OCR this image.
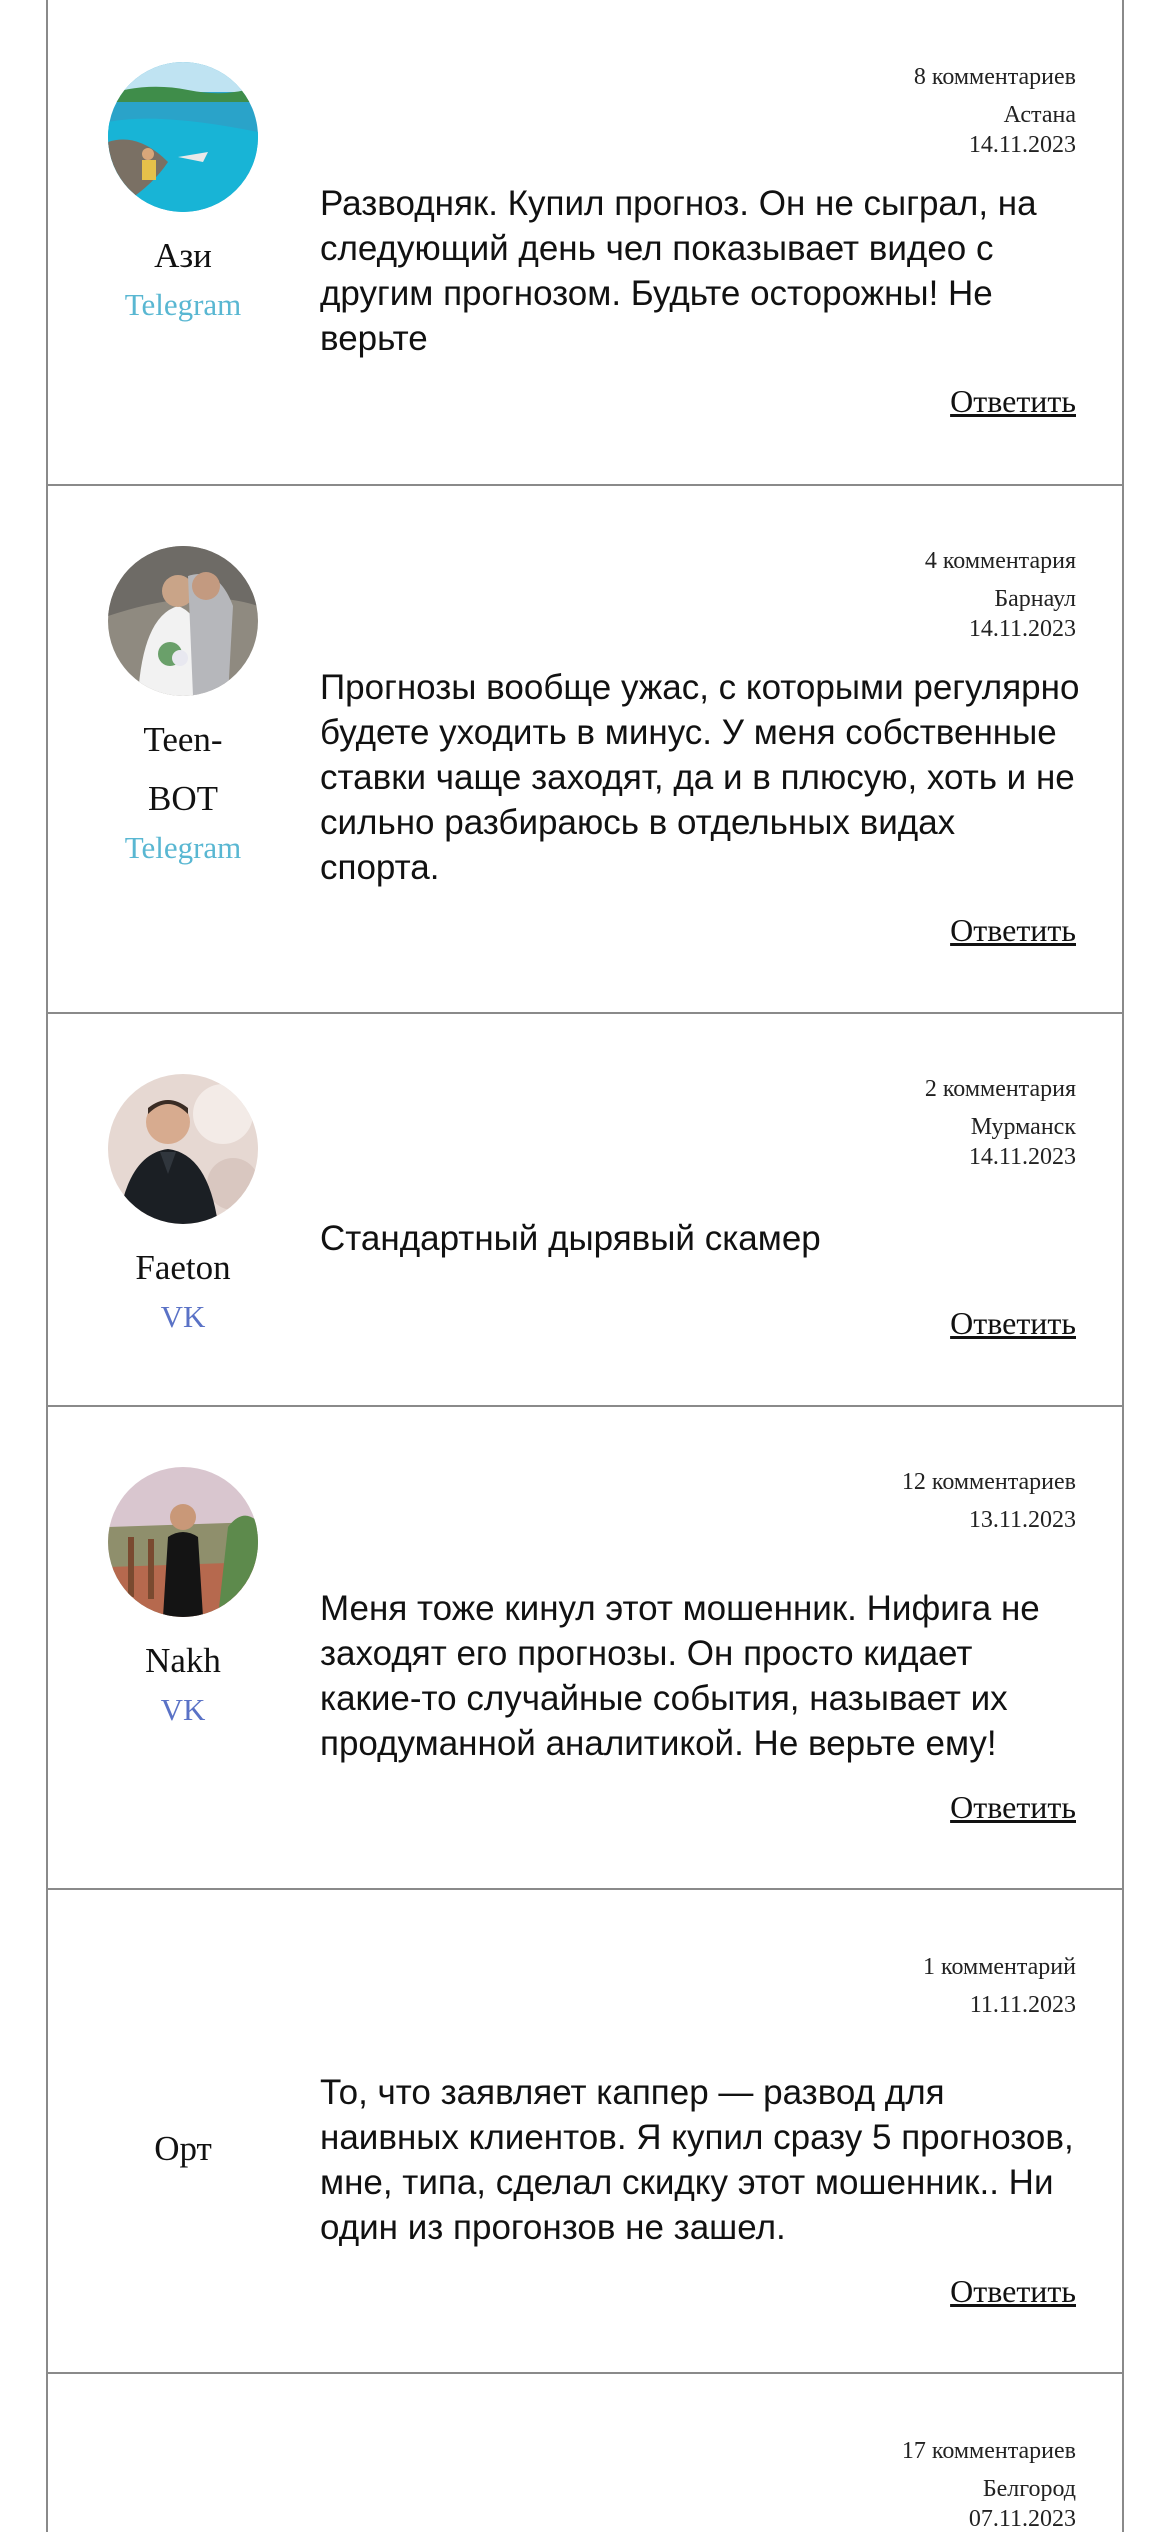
Ази
Telegram
8 комментариев
Астана
14.11.2023
Разводняк. Купил прогноз. Он не сыграл, на следующий день чел показывает видео с другим прогнозом. Будьте осторожны! Не верьте
Ответить
Teen-BOT
Telegram
4 комментария
Барнаул
14.11.2023
Прогнозы вообще ужас, с которыми регулярно будете уходить в минус. У меня собственные ставки чаще заходят, да и в плюсую, хоть и не сильно разбираюсь в отдельных видах спорта.
Ответить
Faeton
VK
2 комментария
Мурманск
14.11.2023
Стандартный дырявый скамер
Ответить
Nakh
VK
12 комментариев
13.11.2023
Меня тоже кинул этот мошенник. Нифига не заходят его прогнозы. Он просто кидает какие-то случайные события, называет их продуманной аналитикой. Не верьте ему!
Ответить
Орт
1 комментарий
11.11.2023
То, что заявляет каппер — развод для наивных клиентов. Я купил сразу 5 прогнозов, мне, типа, сделал скидку этот мошенник.. Ни один из прогонзов не зашел.
Ответить
17 комментариев
Белгород
07.11.2023
